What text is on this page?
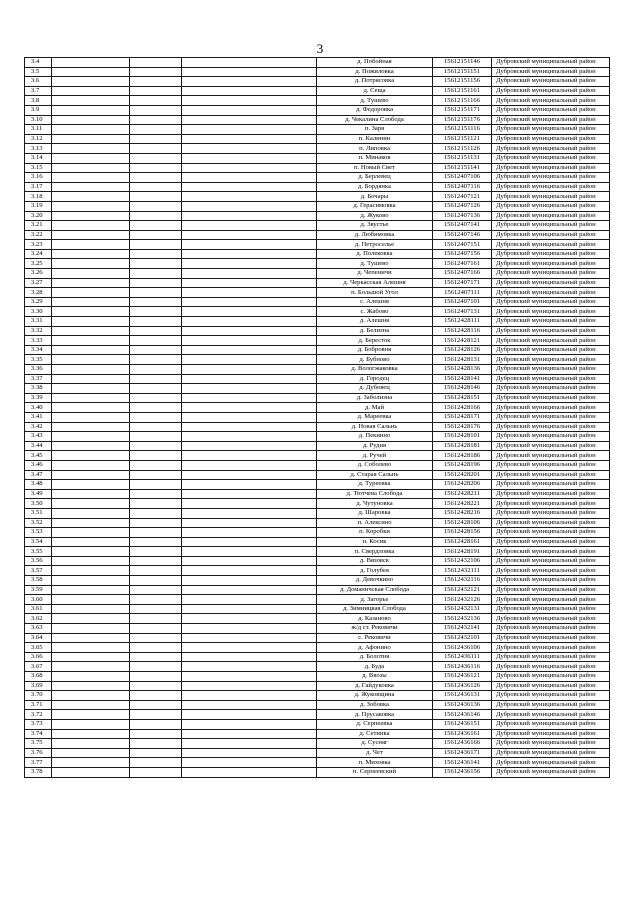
3
3.4				д. Побойная	15612151146	Дубровский муниципальный район
3.5				д. Пожиловка	15612151151	Дубровский муниципальный район
3.6				д. Потрясовка	15612151156	Дубровский муниципальный район
3.7				д. Сеща	15612151161	Дубровский муниципальный район
3.8				д. Тушево	15612151166	Дубровский муниципальный район
3.9				д. Федоровка	15612151171	Дубровский муниципальный район
3.10				д. Чекалина Слобода	15612151176	Дубровский муниципальный район
3.11				п. Заря	15612151116	Дубровский муниципальный район
3.12				п. Калинин	15612151121	Дубровский муниципальный район
3.13				п. Липовка	15612151126	Дубровский муниципальный район
3.14				п. Минаков	15612151131	Дубровский муниципальный район
3.15				п. Новый Свет	15612151141	Дубровский муниципальный район
3.16				д. Берлевец	15612407106	Дубровский муниципальный район
3.17				д. Бордянка	15612407116	Дубровский муниципальный район
3.18				д. Бочары	15612407121	Дубровский муниципальный район
3.19				д. Герасимовка	15612407126	Дубровский муниципальный район
3.20				д. Жуково	15612407136	Дубровский муниципальный район
3.21				д. Звустье	15612407141	Дубровский муниципальный район
3.22				д. Любимовка	15612407146	Дубровский муниципальный район
3.23				д. Петроселье	15612407151	Дубровский муниципальный район
3.24				д. Полековка	15612407156	Дубровский муниципальный район
3.25				д. Тушево	15612407161	Дубровский муниципальный район
3.26				д. Чепеничи	15612407166	Дубровский муниципальный район
3.27				д. Черкасская Алешня	15612407171	Дубровский муниципальный район
3.28				п. Большой Угол	15612407111	Дубровский муниципальный район
3.29				с. Алешня	15612407101	Дубровский муниципальный район
3.30				с. Жабово	15612407131	Дубровский муниципальный район
3.31				д. Алешня	15612428111	Дубровский муниципальный район
3.32				д. Белизна	15612428116	Дубровский муниципальный район
3.33				д. Бересток	15612428121	Дубровский муниципальный район
3.34				д. Бобровня	15612428126	Дубровский муниципальный район
3.35				д. Бубново	15612428131	Дубровский муниципальный район
3.36				д. Вологжаковка	15612428136	Дубровский муниципальный район
3.37				д. Городец	15612428141	Дубровский муниципальный район
3.38				д. Дубовец	15612428146	Дубровский муниципальный район
3.39				д. Заболизна	15612428151	Дубровский муниципальный район
3.40				д. Май	15612428166	Дубровский муниципальный район
3.41				д. Мареевка	15612428171	Дубровский муниципальный район
3.42				д. Новая Сальнь	15612428176	Дубровский муниципальный район
3.43				д. Пекинно	15612428101	Дубровский муниципальный район
3.44				д. Рудня	15612428181	Дубровский муниципальный район
3.45				д. Ручей	15612428186	Дубровский муниципальный район
3.46				д. Соболево	15612428196	Дубровский муниципальный район
3.47				д. Старая Сальнь	15612428201	Дубровский муниципальный район
3.48				д. Туреевка	15612428206	Дубровский муниципальный район
3.49				д. Тютчева Слобода	15612428211	Дубровский муниципальный район
3.50				д. Чутуновка	15612428221	Дубровский муниципальный район
3.51				д. Шаровка	15612428216	Дубровский муниципальный район
3.52				п. Алексино	15612428106	Дубровский муниципальный район
3.53				п. Коробки	15612428156	Дубровский муниципальный район
3.54				п. Косик	15612428161	Дубровский муниципальный район
3.55				п. Свердловка	15612428191	Дубровский муниципальный район
3.56				д. Вязовск	15612432106	Дубровский муниципальный район
3.57				д. Голубея	15612432111	Дубровский муниципальный район
3.58				д. Девочкино	15612432116	Дубровский муниципальный район
3.59				д. Доманичская Слобода	15612432121	Дубровский муниципальный район
3.60				д. Загорье	15612432126	Дубровский муниципальный район
3.61				д. Зимницкая Слобода	15612432131	Дубровский муниципальный район
3.62				д. Казаново	15612432136	Дубровский муниципальный район
3.63				ж/д ст. Рековичи	15612432141	Дубровский муниципальный район
3.64				с. Рековичи	15612432101	Дубровский муниципальный район
3.65				д. Афонино	15612436106	Дубровский муниципальный район
3.66				д. Болотня	15612436111	Дубровский муниципальный район
3.67				д. Буда	15612436116	Дубровский муниципальный район
3.68				д. Ввозы	15612436121	Дубровский муниципальный район
3.69				д. Гайдуковка	15612436126	Дубровский муниципальный район
3.70				д. Жуковщина	15612436131	Дубровский муниципальный район
3.71				д. Зобовка	15612436136	Дубровский муниципальный район
3.72				д. Прусаковка	15612436146	Дубровский муниципальный район
3.73				д. Серпеевка	15612436151	Дубровский муниципальный район
3.74				д. Сетинка	15612436161	Дубровский муниципальный район
3.75				д. Сусняг	15612436166	Дубровский муниципальный район
3.76				д. Чет	15612436171	Дубровский муниципальный район
3.77				п. Миховка	15612436141	Дубровский муниципальный район
3.78				п. Серпеевский	15612436156	Дубровский муниципальный район
